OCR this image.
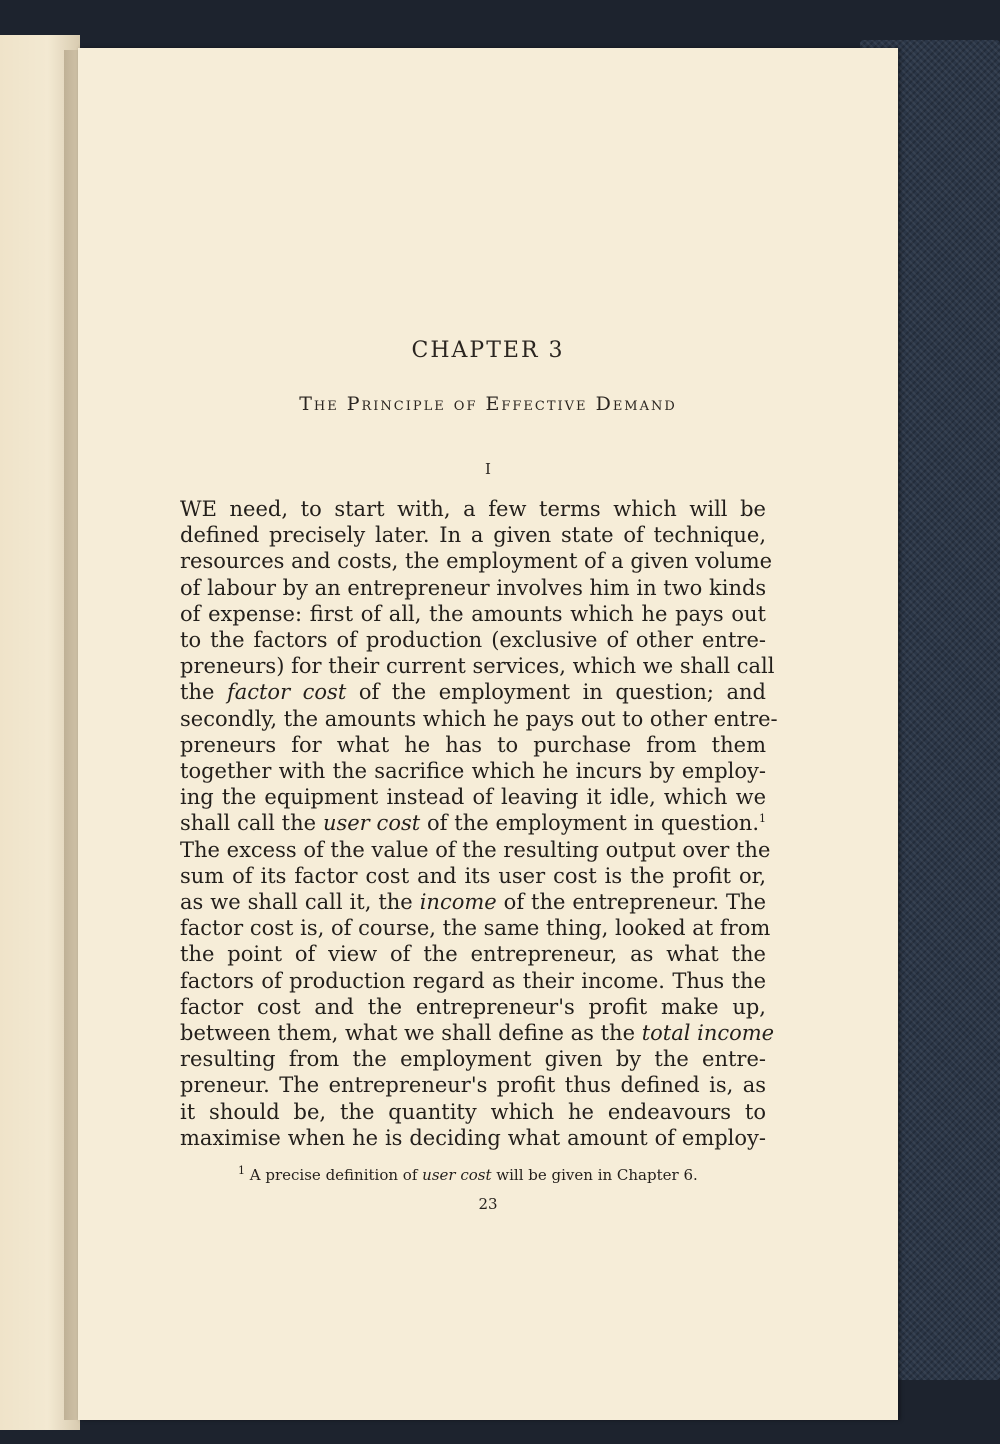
CHAPTER 3

The Principle of Effective Demand

I

WE need, to start with, a few terms which will be
defined precisely later. In a given state of technique,
resources and costs, the employment of a given volume
of labour by an entrepreneur involves him in two kinds
of expense: first of all, the amounts which he pays out
to the factors of production (exclusive of other entre-
preneurs) for their current services, which we shall call
the factor cost of the employment in question; and
secondly, the amounts which he pays out to other entre-
preneurs for what he has to purchase from them
together with the sacrifice which he incurs by employ-
ing the equipment instead of leaving it idle, which we
shall call the user cost of the employment in question.$^1$
The excess of the value of the resulting output over the
sum of its factor cost and its user cost is the profit or,
as we shall call it, the income of the entrepreneur. The
factor cost is, of course, the same thing, looked at from
the point of view of the entrepreneur, as what the
factors of production regard as their income. Thus the
factor cost and the entrepreneur's profit make up,
between them, what we shall define as the total income
resulting from the employment given by the entre-
preneur. The entrepreneur's profit thus defined is, as
it should be, the quantity which he endeavours to
maximise when he is deciding what amount of employ-
$^1$ A precise definition of user cost will be given in Chapter 6.

23
